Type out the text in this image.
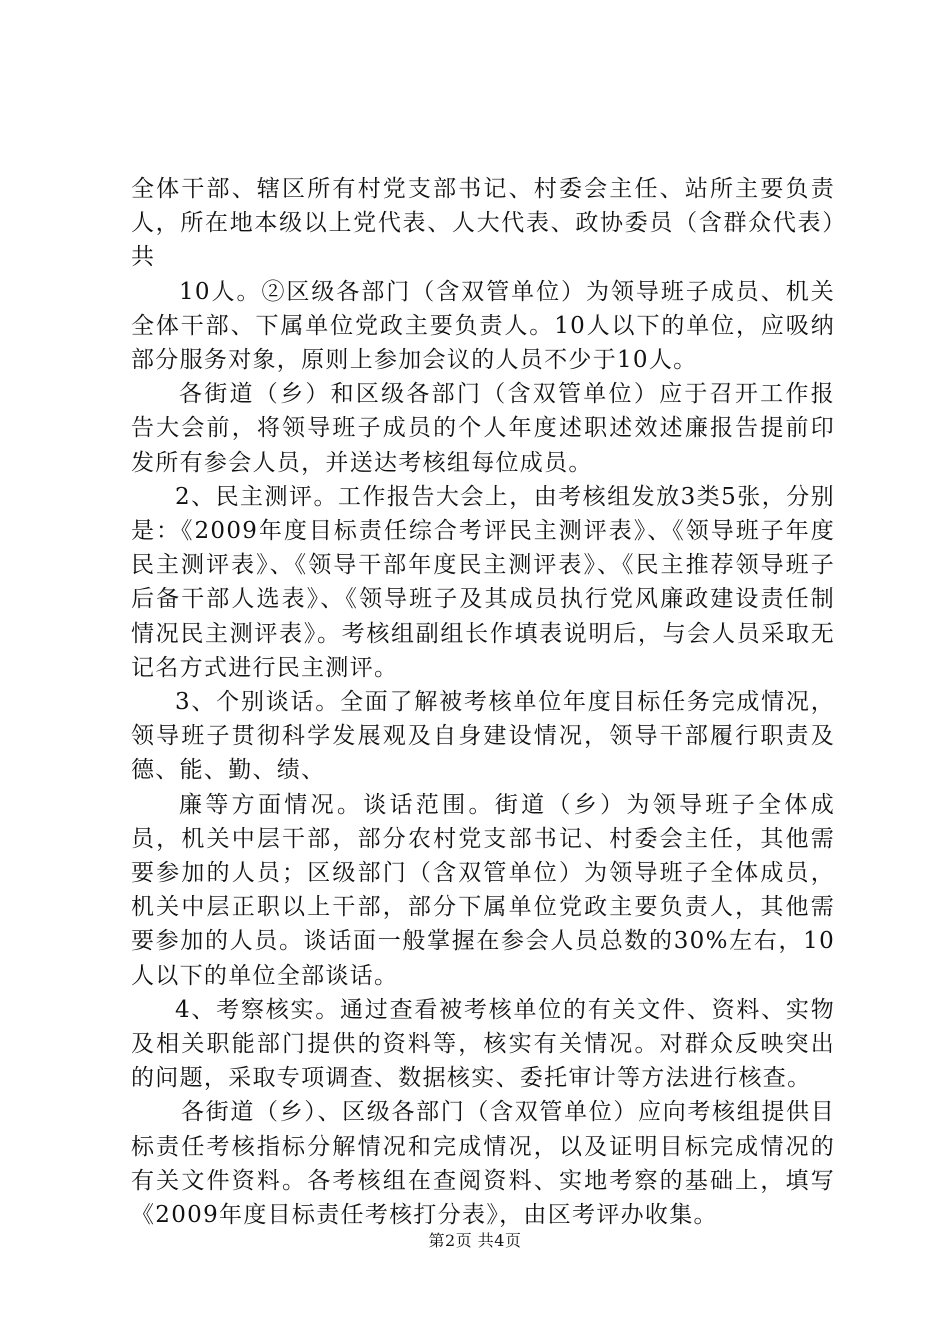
全体干部、辖区所有村党支部书记、村委会主任、站所主要负责人，所在地本级以上党代表、人大代表、政协委员（含群众代表）共

10人。②区级各部门（含双管单位）为领导班子成员、机关全体干部、下属单位党政主要负责人。10人以下的单位，应吸纳部分服务对象，原则上参加会议的人员不少于10人。

各街道（乡）和区级各部门（含双管单位）应于召开工作报告大会前，将领导班子成员的个人年度述职述效述廉报告提前印发所有参会人员，并送达考核组每位成员。

2、民主测评。工作报告大会上，由考核组发放3类5张，分别是：《2009年度目标责任综合考评民主测评表》、《领导班子年度民主测评表》、《领导干部年度民主测评表》、《民主推荐领导班子后备干部人选表》、《领导班子及其成员执行党风廉政建设责任制情况民主测评表》。考核组副组长作填表说明后，与会人员采取无记名方式进行民主测评。

3、个别谈话。全面了解被考核单位年度目标任务完成情况，领导班子贯彻科学发展观及自身建设情况，领导干部履行职责及德、能、勤、绩、

廉等方面情况。谈话范围。街道（乡）为领导班子全体成员，机关中层干部，部分农村党支部书记、村委会主任，其他需要参加的人员；区级部门（含双管单位）为领导班子全体成员，机关中层正职以上干部，部分下属单位党政主要负责人，其他需要参加的人员。谈话面一般掌握在参会人员总数的30%左右，10人以下的单位全部谈话。

4、考察核实。通过查看被考核单位的有关文件、资料、实物及相关职能部门提供的资料等，核实有关情况。对群众反映突出的问题，采取专项调查、数据核实、委托审计等方法进行核查。

各街道（乡）、区级各部门（含双管单位）应向考核组提供目标责任考核指标分解情况和完成情况，以及证明目标完成情况的有关文件资料。各考核组在查阅资料、实地考察的基础上，填写《2009年度目标责任考核打分表》，由区考评办收集。

第2页 共4页
